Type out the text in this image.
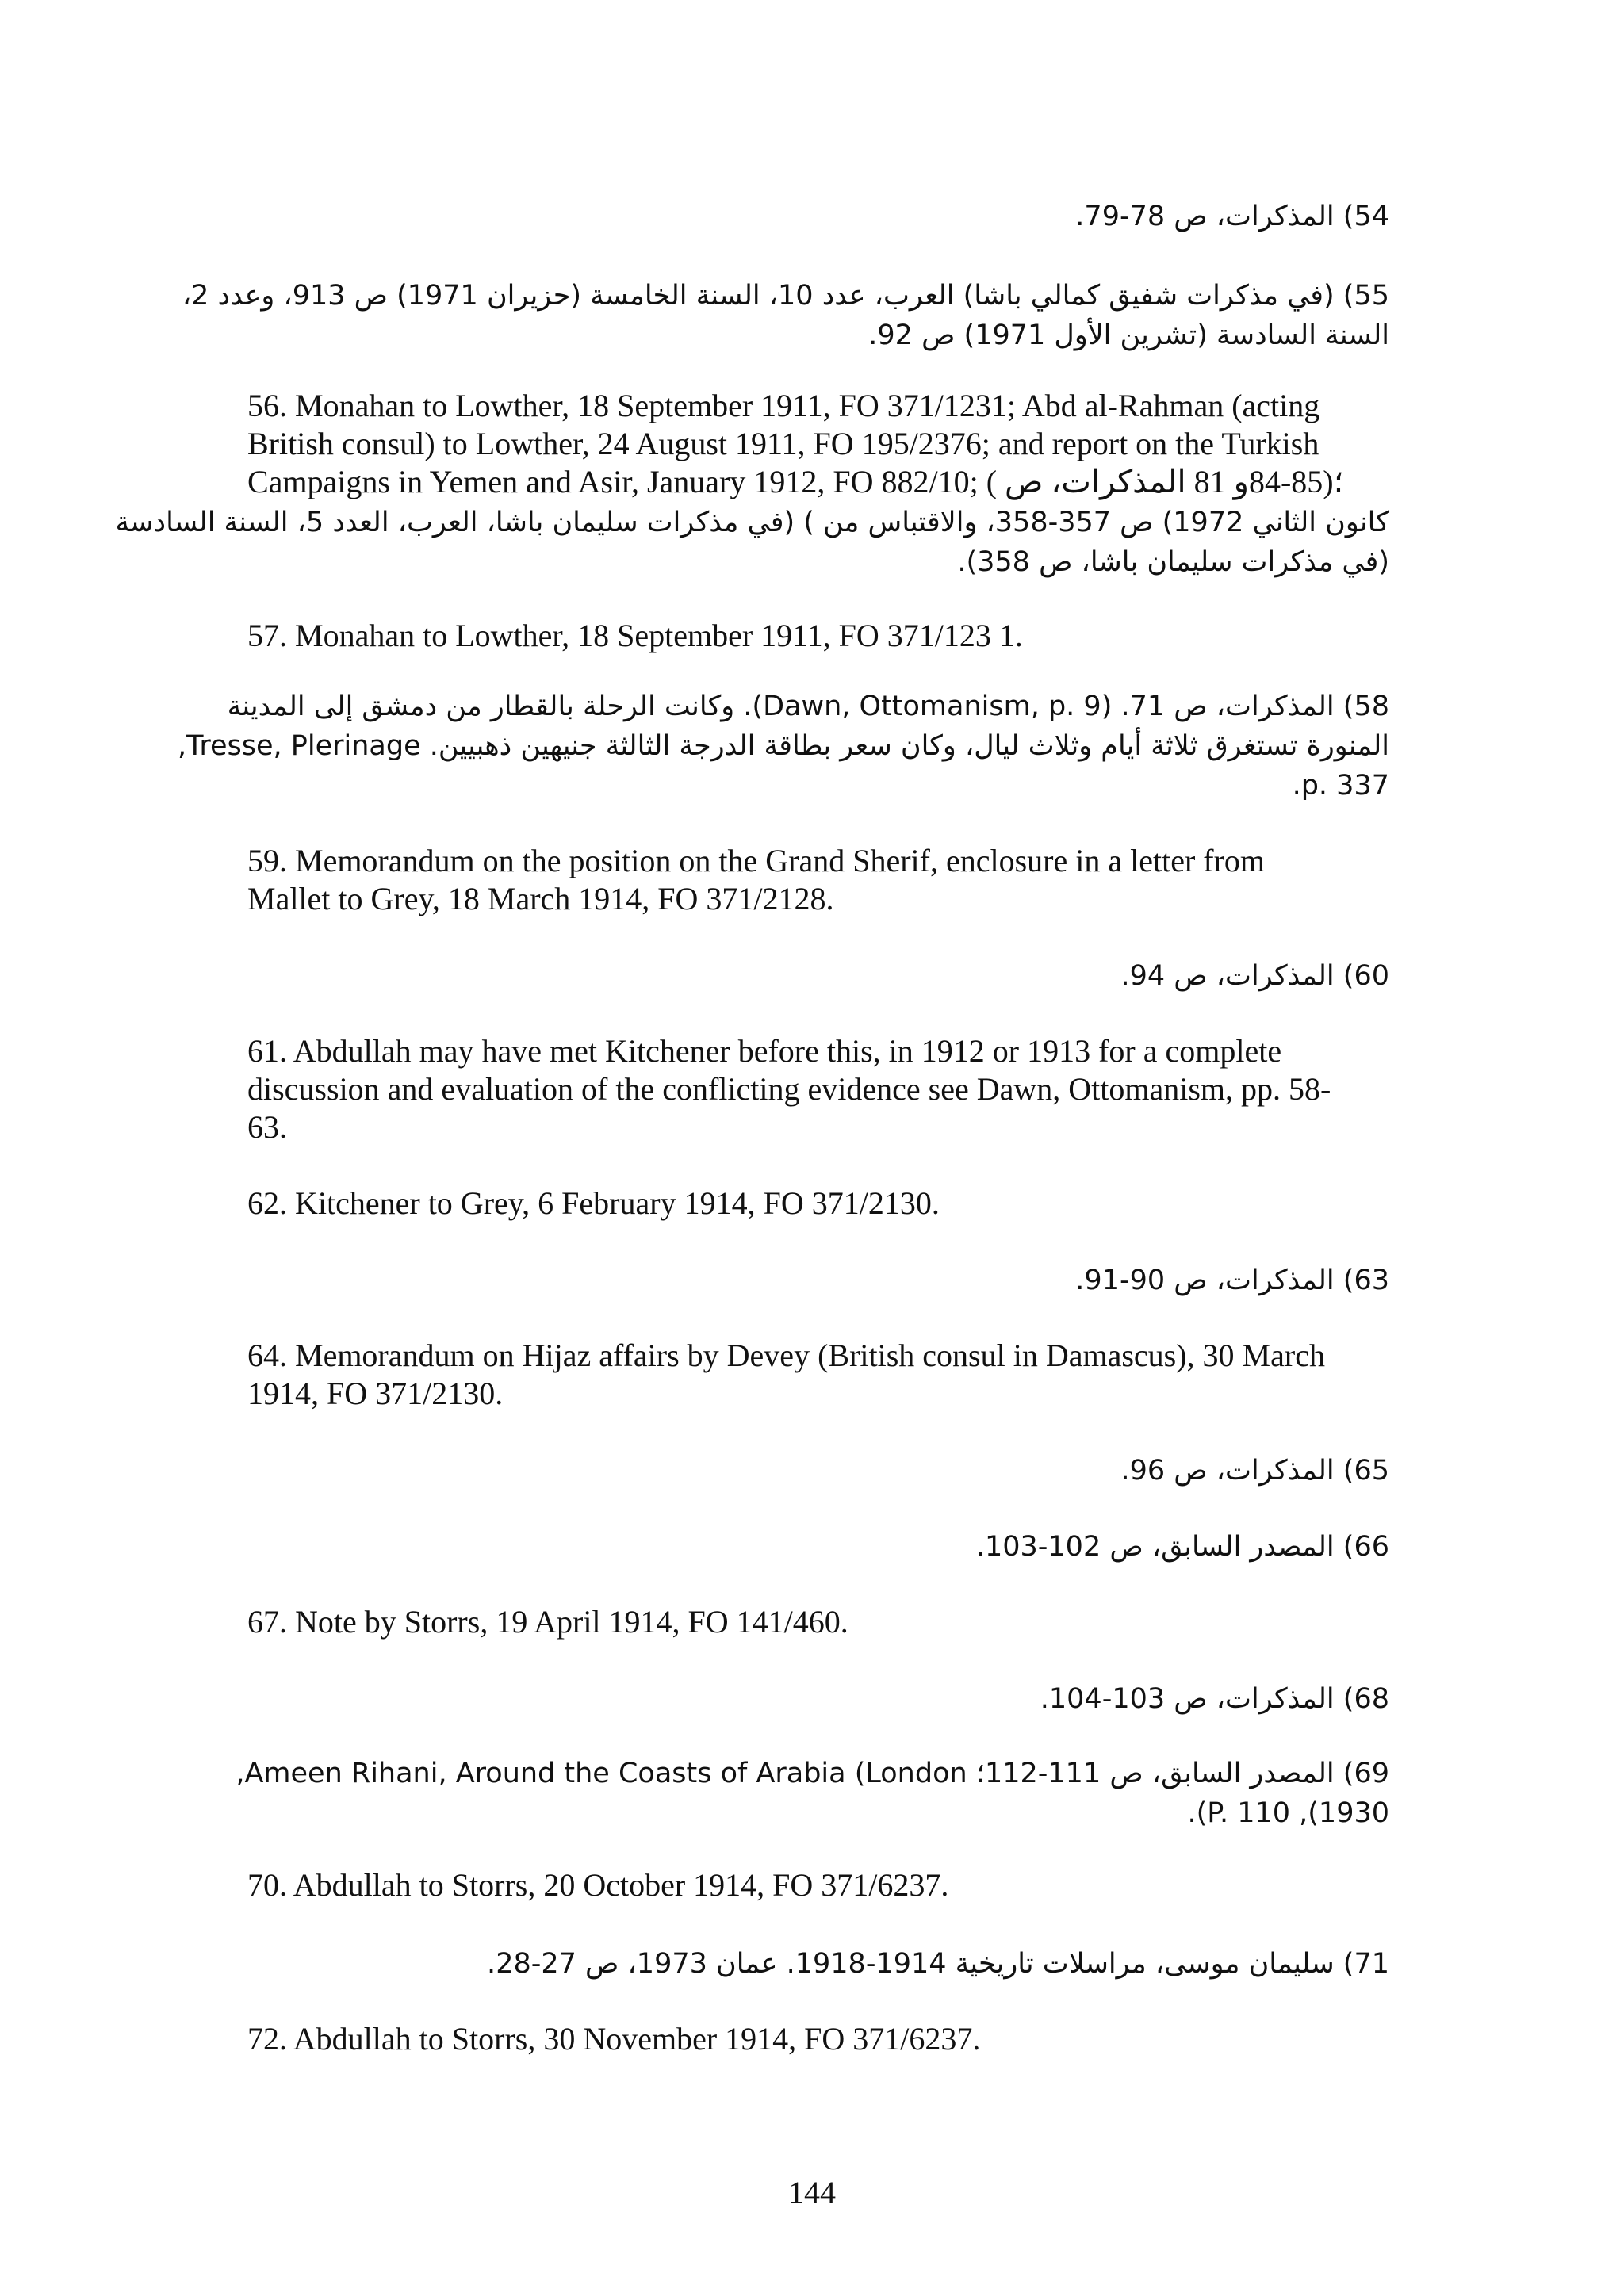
54) المذكرات، ص 78-79.

55) (في مذكرات شفيق كمالي باشا) العرب، عدد 10، السنة الخامسة (حزيران 1971) ص 913، وعدد 2،
السنة السادسة (تشرين الأول 1971) ص 92.

56. Monahan to Lowther, 18 September 1911, FO 371/1231; Abd al-Rahman (acting
British consul) to Lowther, 24 August 1911, FO 195/2376; and report on the Turkish
Campaigns in Yemen and Asir, January 1912, FO 882/10; ( ؛(85-84و 81 المذكرات، ص
كانون الثاني 1972) ص 357-358، والاقتباس من ) (في مذكرات سليمان باشا، العرب، العدد 5، السنة السادسة
(في مذكرات سليمان باشا، ص 358).

57. Monahan to Lowther, 18 September 1911, FO 371/123 1.

58) المذكرات، ص 71. (Dawn, Ottomanism, p. 9). وكانت الرحلة بالقطار من دمشق إلى المدينة
المنورة تستغرق ثلاثة أيام وثلاث ليال، وكان سعر بطاقة الدرجة الثالثة جنيهين ذهبيين. Tresse, Plerinage,
p. 337.

59. Memorandum on the position on the Grand Sherif, enclosure in a letter from
Mallet to Grey, 18 March 1914, FO 371/2128.

60) المذكرات، ص 94.

61. Abdullah may have met Kitchener before this, in 1912 or 1913 for a complete
discussion and evaluation of the conflicting evidence see Dawn, Ottomanism, pp. 58-
63.

62. Kitchener to Grey, 6 February 1914, FO 371/2130.

63) المذكرات، ص 90-91.

64. Memorandum on Hijaz affairs by Devey (British consul in Damascus), 30 March
1914, FO 371/2130.

65) المذكرات، ص 96.

66) المصدر السابق، ص 102-103.

67. Note by Storrs, 19 April 1914, FO 141/460.

68) المذكرات، ص 103-104.

69) المصدر السابق، ص 111-112؛ Ameen Rihani, Around the Coasts of Arabia (London,
1930), P. 110).

70. Abdullah to Storrs, 20 October 1914, FO 371/6237.

71) سليمان موسى، مراسلات تاريخية 1914-1918. عمان 1973، ص 27-28.

72. Abdullah to Storrs, 30 November 1914, FO 371/6237.

144
